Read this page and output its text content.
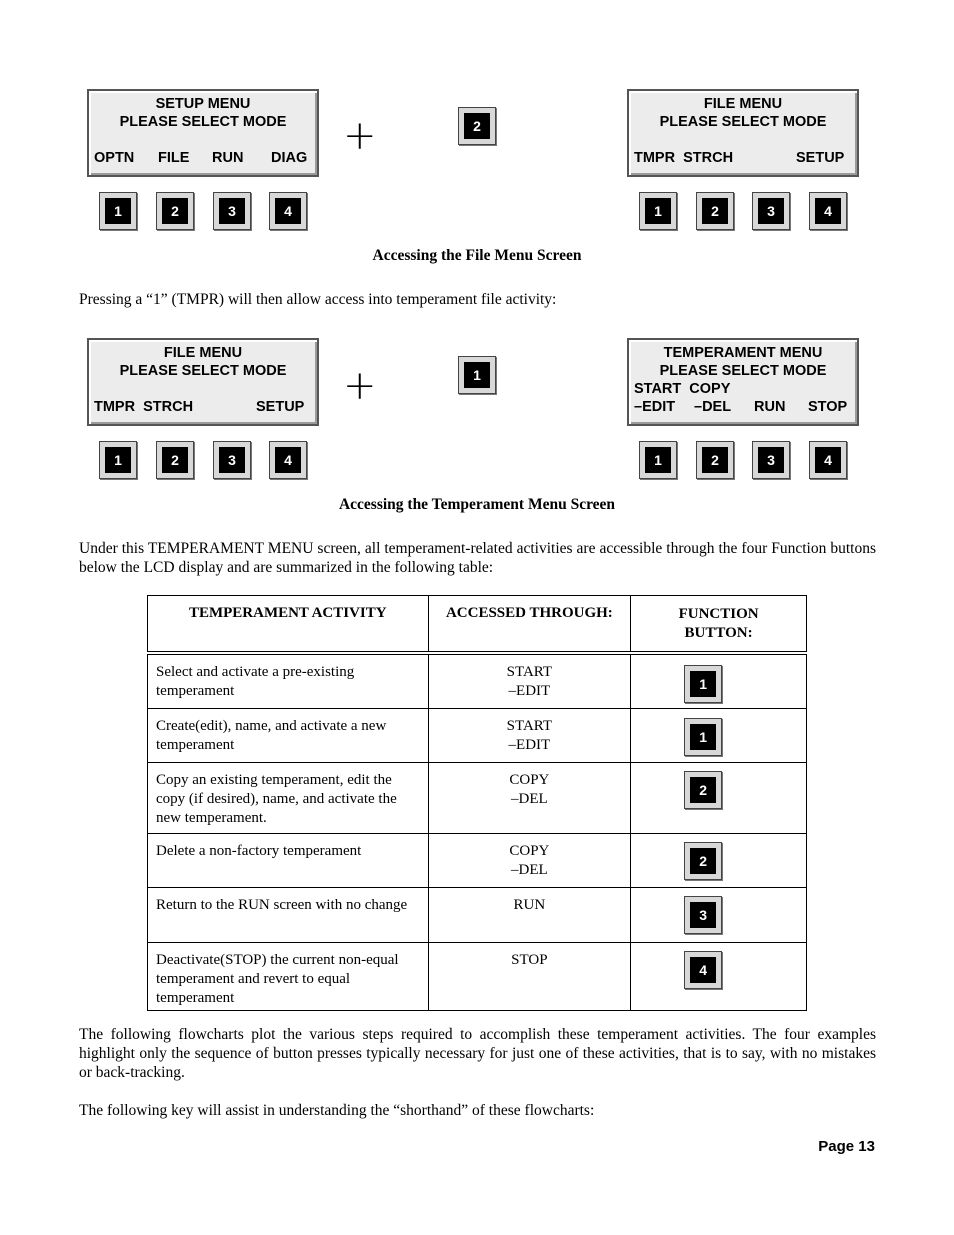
SETUP MENU
PLEASE SELECT MODE
OPTN FILE RUN DIAG +	2
FILE MENU
PLEASE SELECT MODE
TMPR  STRCH	SETUP
1	2	3	4	1	2	3	4
Accessing the File Menu Screen
Pressing a “1” (TMPR) will then allow access into temperament file activity:
FILE MENU
PLEASE SELECT MODE
TMPR  STRCH	SETUP +	1
TEMPERAMENT MENU
PLEASE SELECT MODE
START  COPY
–EDIT –DEL RUN STOP
1	2	3	4	1	2	3	4
Accessing the Temperament Menu Screen
Under this TEMPERAMENT MENU screen, all temperament-related activities are accessible through the four Function buttons below the LCD display and are summarized in the following table:
TEMPERAMENT ACTIVITY	ACCESSED THROUGH:	FUNCTION BUTTON:

Select and activate a pre-existing temperament	START
–EDIT	1

Create(edit), name, and activate a new temperament	START
–EDIT	1

Copy an existing temperament, edit the copy (if desired), name, and activate the new temperament.	COPY
–DEL	2

Delete a non-factory temperament	COPY
–DEL	2

Return to the RUN screen with no change	RUN	3

Deactivate(STOP) the current non-equal temperament and revert to equal temperament	STOP	4
The following flowcharts plot the various steps required to accomplish these temperament activities. The four examples highlight only the sequence of button presses typically necessary for just one of these activities, that is to say, with no mistakes or back-tracking.
The following key will assist in understanding the “shorthand” of these flowcharts:
Page 13
